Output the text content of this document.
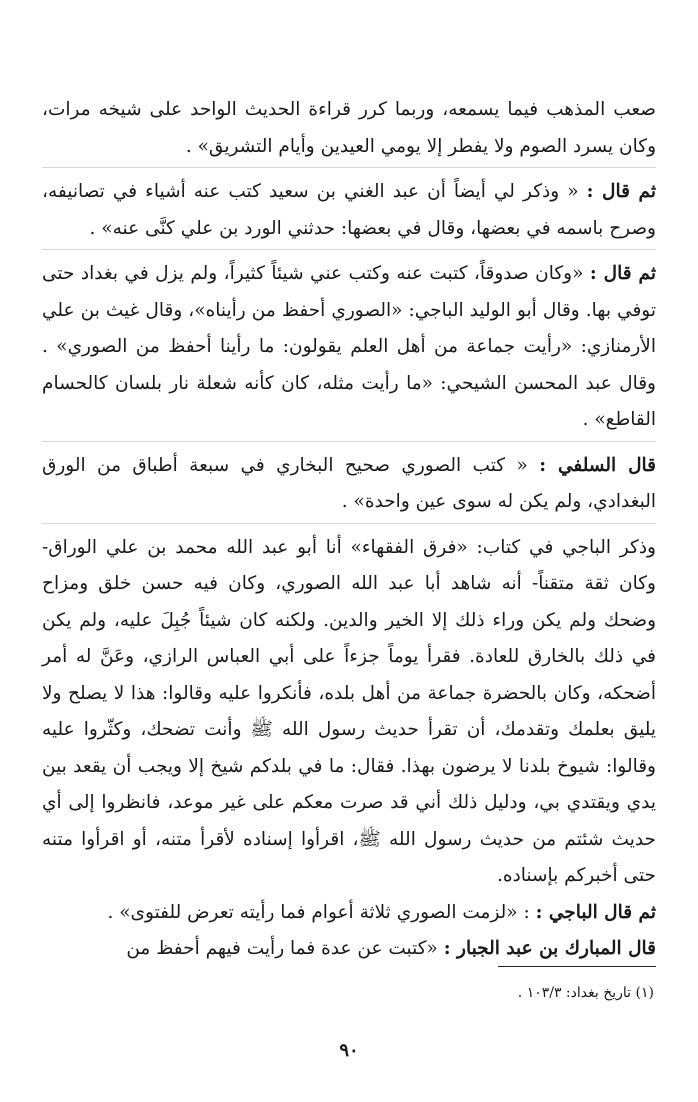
صعب المذهب فيما يسمعه، وربما كرر قراءة الحديث الواحد على شيخه مرات، وكان يسرد الصوم ولا يفطر إلا يومي العيدين وأيام التشريق» .

ثم قال : « وذكر لي أيضاً أن عبد الغني بن سعيد كتب عنه أشياء في تصانيفه، وصرح باسمه في بعضها، وقال في بعضها: حدثني الورد بن علي كنَّى عنه» .

ثم قال : «وكان صدوقاً، كتبت عنه وكتب عني شيئاً كثيراً، ولم يزل في بغداد حتى توفي بها. وقال أبو الوليد الباجي: «الصوري أحفظ من رأيناه»، وقال غيث بن علي الأرمنازي: «رأيت جماعة من أهل العلم يقولون: ما رأينا أحفظ من الصوري» . وقال عبد المحسن الشيحي: «ما رأيت مثله، كان كأنه شعلة نار بلسان كالحسام القاطع» .

قال السلفي : « كتب الصوري صحيح البخاري في سبعة أطباق من الورق البغدادي، ولم يكن له سوى عين واحدة» .

وذكر الباجي في كتاب: «فرق الفقهاء» أنا أبو عبد الله محمد بن علي الوراق- وكان ثقة متقناً- أنه شاهد أبا عبد الله الصوري، وكان فيه حسن خلق ومزاح وضحك ولم يكن وراء ذلك إلا الخير والدين. ولكنه كان شيئاً جُبِلَ عليه، ولم يكن في ذلك بالخارق للعادة. فقرأ يوماً جزءاً على أبي العباس الرازي، وعَنَّ له أمر أضحكه، وكان بالحضرة جماعة من أهل بلده، فأنكروا عليه وقالوا: هذا لا يصلح ولا يليق بعلمك وتقدمك، أن تقرأ حديث رسول الله ﷺ وأنت تضحك، وكثّروا عليه وقالوا: شيوخ بلدنا لا يرضون بهذا. فقال: ما في بلدكم شيخ إلا ويجب أن يقعد بين يدي ويقتدي بي، ودليل ذلك أني قد صرت معكم على غير موعد، فانظروا إلى أي حديث شئتم من حديث رسول الله ﷺ، اقرأوا إسناده لأقرأ متنه، أو اقرأوا متنه حتى أخبركم بإسناده.

ثم قال الباجي : : «لزمت الصوري ثلاثة أعوام فما رأيته تعرض للفتوى» .

قال المبارك بن عبد الجبار : «كتبت عن عدة فما رأيت فيهم أحفظ من

(١) تاريخ بغداد: ١٠٣/٣ .
٩٠
